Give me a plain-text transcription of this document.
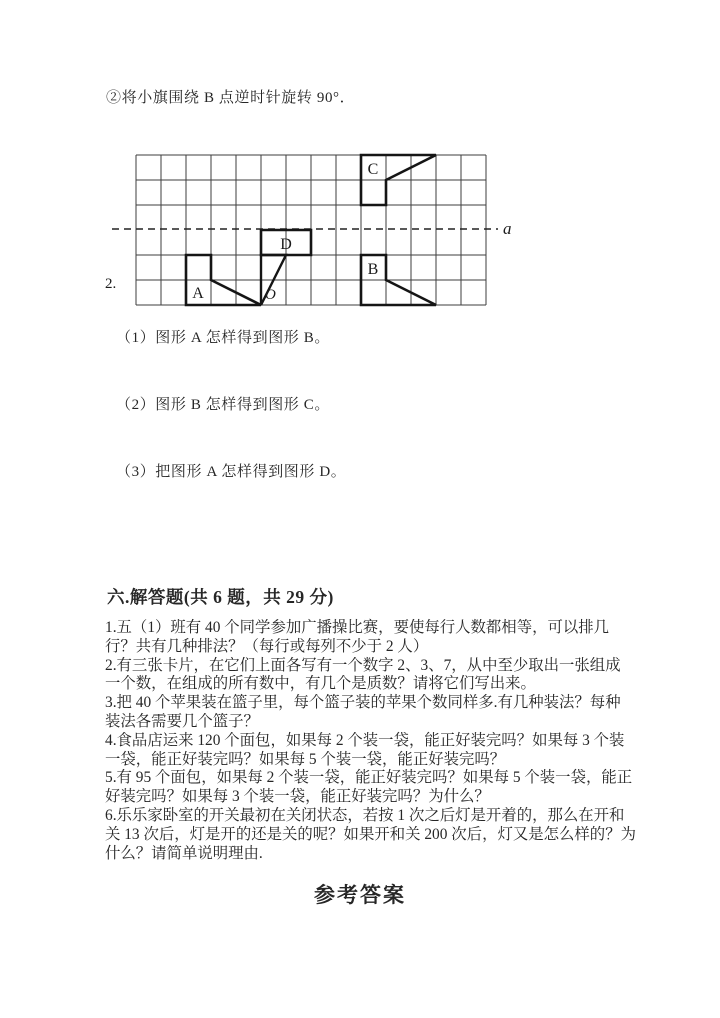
②将小旗围绕 B 点逆时针旋转 90°．
2.
a
A
B
C
D
O
（1）图形 A 怎样得到图形 B。
（2）图形 B 怎样得到图形 C。
（3）把图形 A 怎样得到图形 D。
六.解答题(共 6 题，共 29 分)

1.五（1）班有 40 个同学参加广播操比赛，要使每行人数都相等，可以排几
行？共有几种排法？（每行或每列不少于 2 人）

2.有三张卡片，在它们上面各写有一个数字 2、3、7，从中至少取出一张组成
一个数，在组成的所有数中，有几个是质数？请将它们写出来。

3.把 40 个苹果装在篮子里，每个篮子装的苹果个数同样多.有几种装法？每种
装法各需要几个篮子？

4.食品店运来 120 个面包，如果每 2 个装一袋，能正好装完吗？如果每 3 个装
一袋，能正好装完吗？如果每 5 个装一袋，能正好装完吗？

5.有 95 个面包，如果每 2 个装一袋，能正好装完吗？如果每 5 个装一袋，能正
好装完吗？如果每 3 个装一袋，能正好装完吗？为什么？

6.乐乐家卧室的开关最初在关闭状态，若按 1 次之后灯是开着的，那么在开和
关 13 次后，灯是开的还是关的呢？如果开和关 200 次后，灯又是怎么样的？为
什么？请简单说明理由.

参考答案
